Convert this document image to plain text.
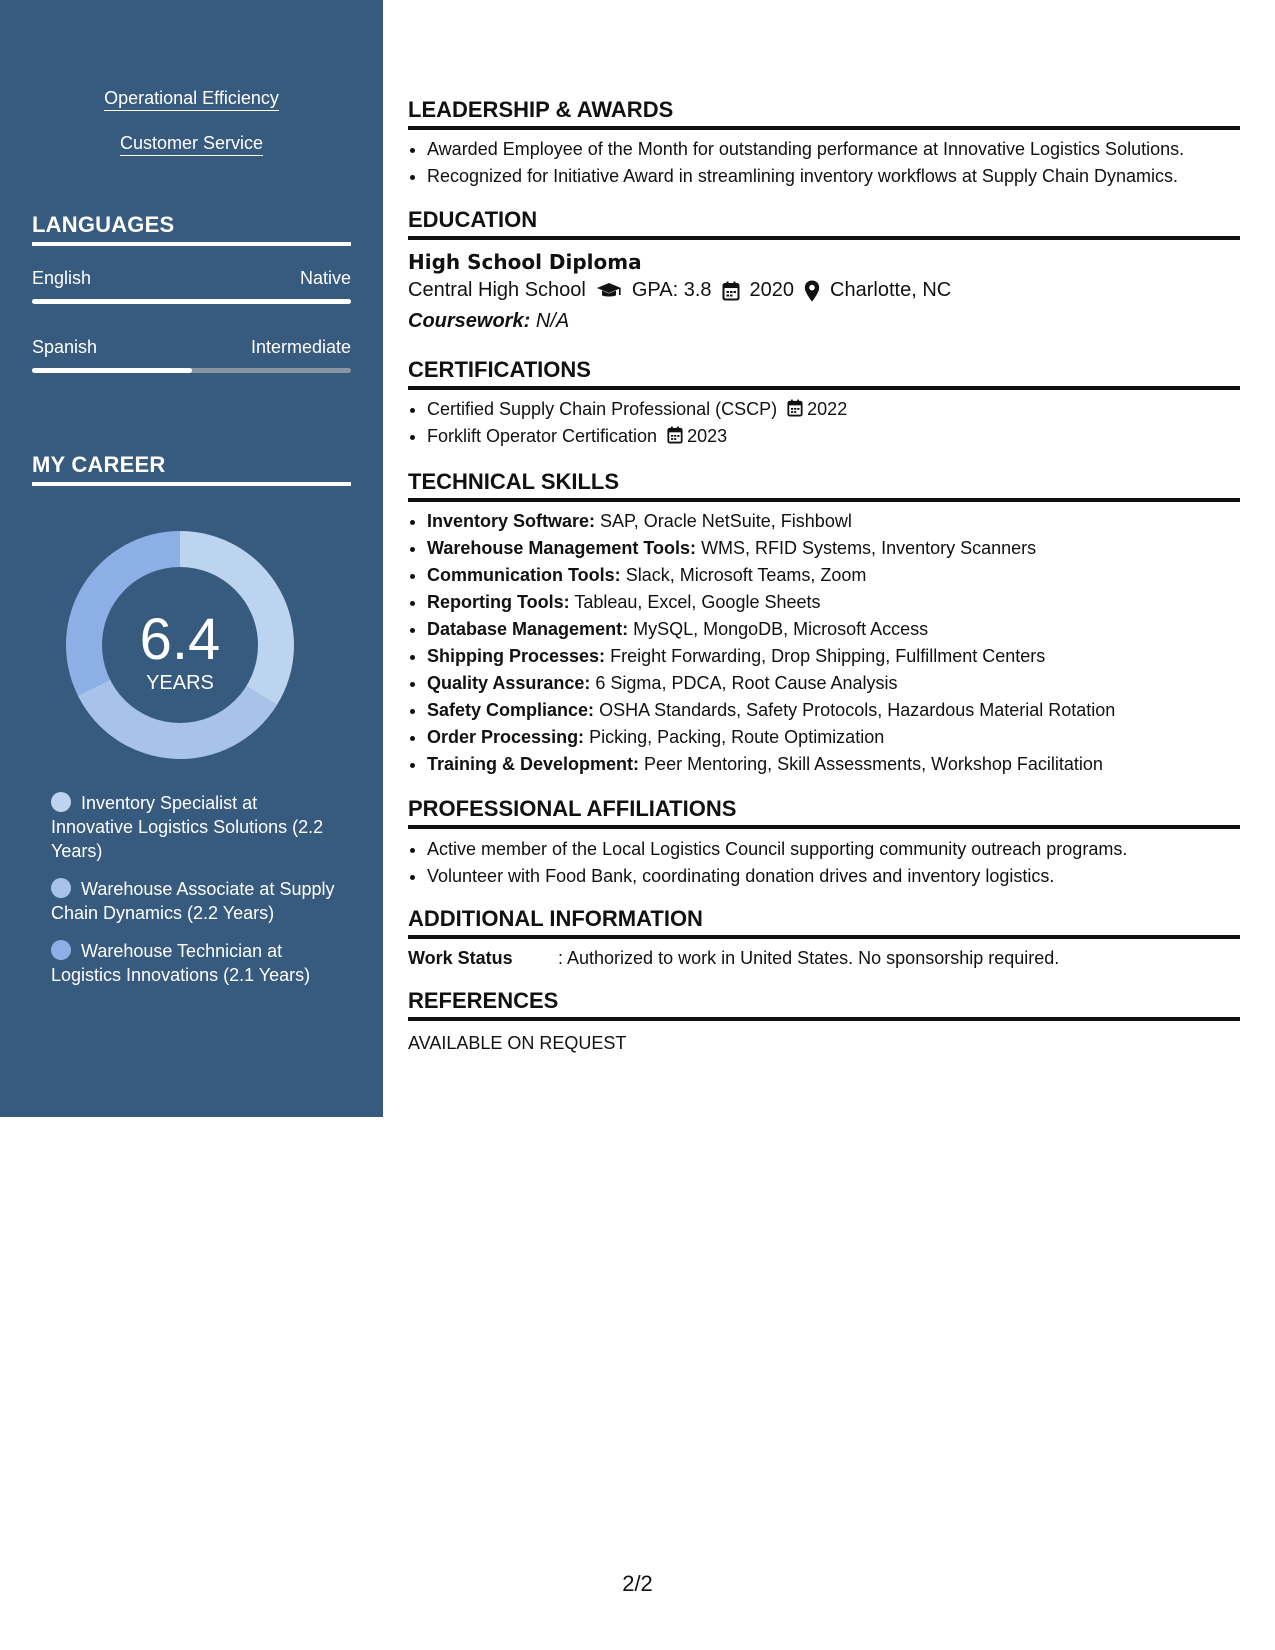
Operational Efficiency
Customer Service
LANGUAGES
English	Native
Spanish	Intermediate
MY CAREER
6.4
YEARS
Inventory Specialist at Innovative Logistics Solutions (2.2 Years)
Warehouse Associate at Supply Chain Dynamics (2.2 Years)
Warehouse Technician at Logistics Innovations (2.1 Years)
LEADERSHIP & AWARDS
• Awarded Employee of the Month for outstanding performance at Innovative Logistics Solutions.
• Recognized for Initiative Award in streamlining inventory workflows at Supply Chain Dynamics.
EDUCATION
High School Diploma
Central High School GPA: 3.8 2020 Charlotte, NC
Coursework: N/A
CERTIFICATIONS
• Certified Supply Chain Professional (CSCP) 2022
• Forklift Operator Certification 2023
TECHNICAL SKILLS
• Inventory Software: SAP, Oracle NetSuite, Fishbowl
• Warehouse Management Tools: WMS, RFID Systems, Inventory Scanners
• Communication Tools: Slack, Microsoft Teams, Zoom
• Reporting Tools: Tableau, Excel, Google Sheets
• Database Management: MySQL, MongoDB, Microsoft Access
• Shipping Processes: Freight Forwarding, Drop Shipping, Fulfillment Centers
• Quality Assurance: 6 Sigma, PDCA, Root Cause Analysis
• Safety Compliance: OSHA Standards, Safety Protocols, Hazardous Material Rotation
• Order Processing: Picking, Packing, Route Optimization
• Training & Development: Peer Mentoring, Skill Assessments, Workshop Facilitation
PROFESSIONAL AFFILIATIONS
• Active member of the Local Logistics Council supporting community outreach programs.
• Volunteer with Food Bank, coordinating donation drives and inventory logistics.
ADDITIONAL INFORMATION
Work Status	: Authorized to work in United States. No sponsorship required.
REFERENCES
AVAILABLE ON REQUEST
2/2
